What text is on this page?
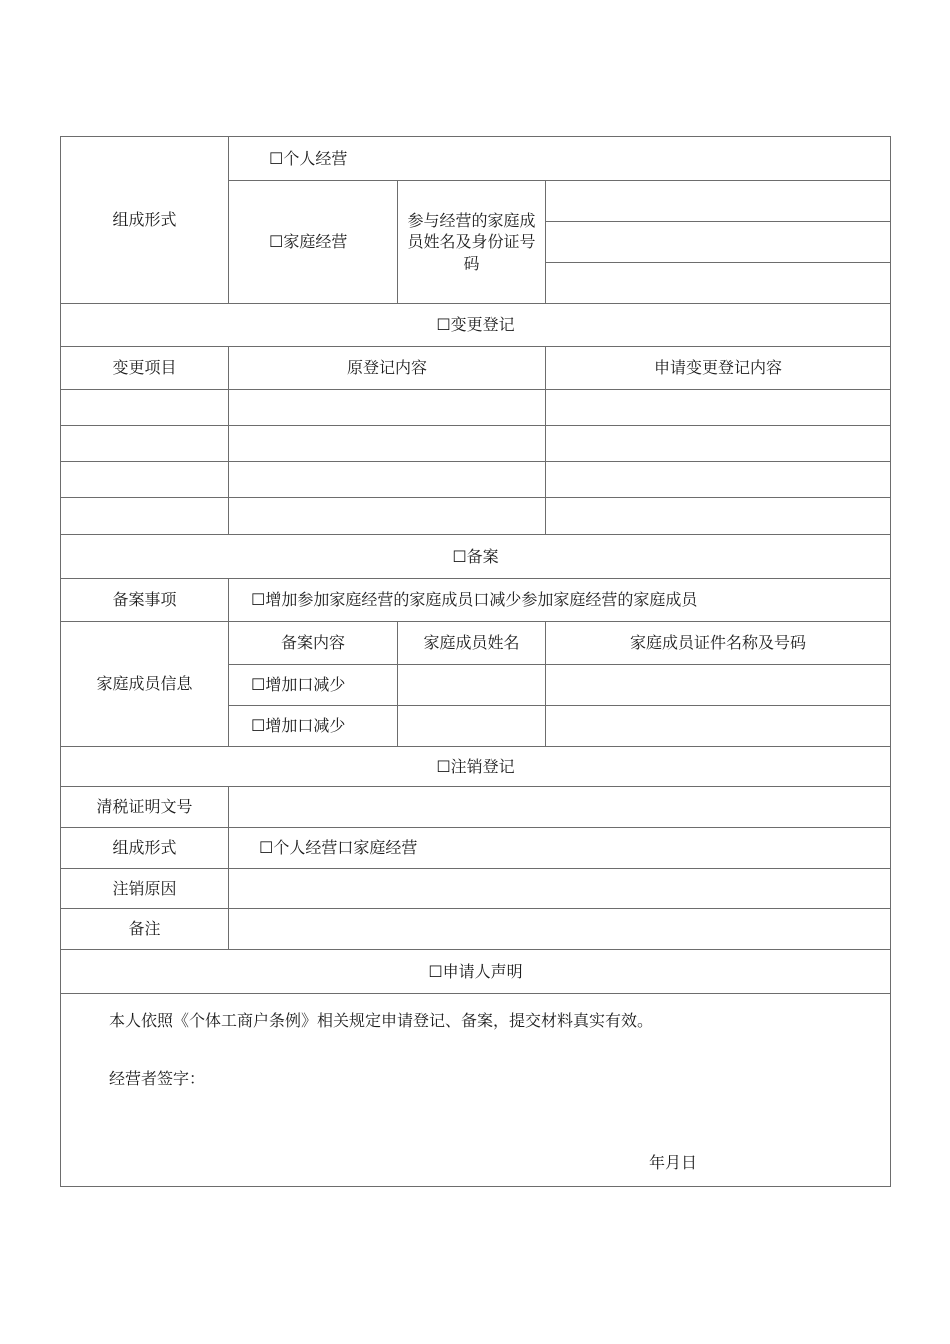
组成形式	☐个人经营		
	☐家庭经营	参与经营的家庭成员姓名及身份证号码	

☐变更登记			
变更项目	原登记内容		申请变更登记内容

☐备案			
备案事项	☐增加参加家庭经营的家庭成员口减少参加家庭经营的家庭成员		
家庭成员信息	备案内容	家庭成员姓名	家庭成员证件名称及号码
	☐增加口减少		
	☐增加口减少		
☐注销登记			
清税证明文号			
组成形式	☐个人经营口家庭经营		
注销原因			
备注			
☐申请人声明			

本人依照《个体工商户条例》相关规定申请登记、备案，提交材料真实有效。
经营者签字：
年月日			
